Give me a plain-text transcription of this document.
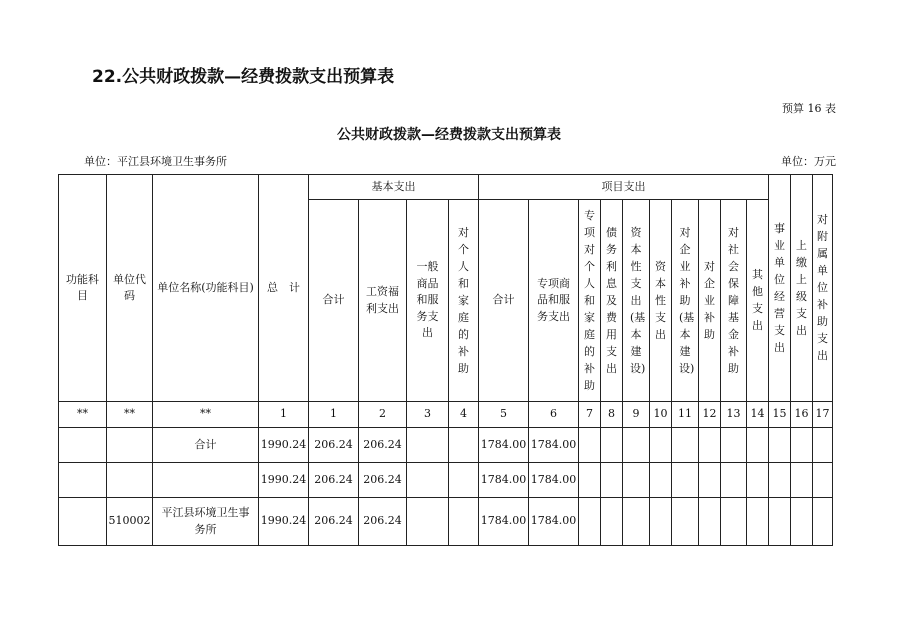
22.公共财政拨款—经费拨款支出预算表
预算 16 表
公共财政拨款—经费拨款支出预算表
单位：平江县环境卫生事务所	单位：万元
功能科目	单位代码	单位名称(功能科目)	总　计	基本支出				项目支出										事业单位经营支出	上缴上级支出	对附属单位补助支出
				合计	工资福利支出	一般商品和服务支出	对个人和家庭的补助	合计	专项商品和服务支出	专项对个人和家庭的补助	债务利息及费用支出	资本性支出(基本建设)	资本性支出	对企业补助(基本建设)	对企业补助	对社会保障基金补助	其他支出			
**	**	**	1	1	2	3	4	5	6	7	8	9	10	11	12	13	14	15	16	17
		合计	1990.24	206.24	206.24			1784.00	1784.00											
			1990.24	206.24	206.24			1784.00	1784.00											
	510002	平江县环境卫生事务所	1990.24	206.24	206.24			1784.00	1784.00											
